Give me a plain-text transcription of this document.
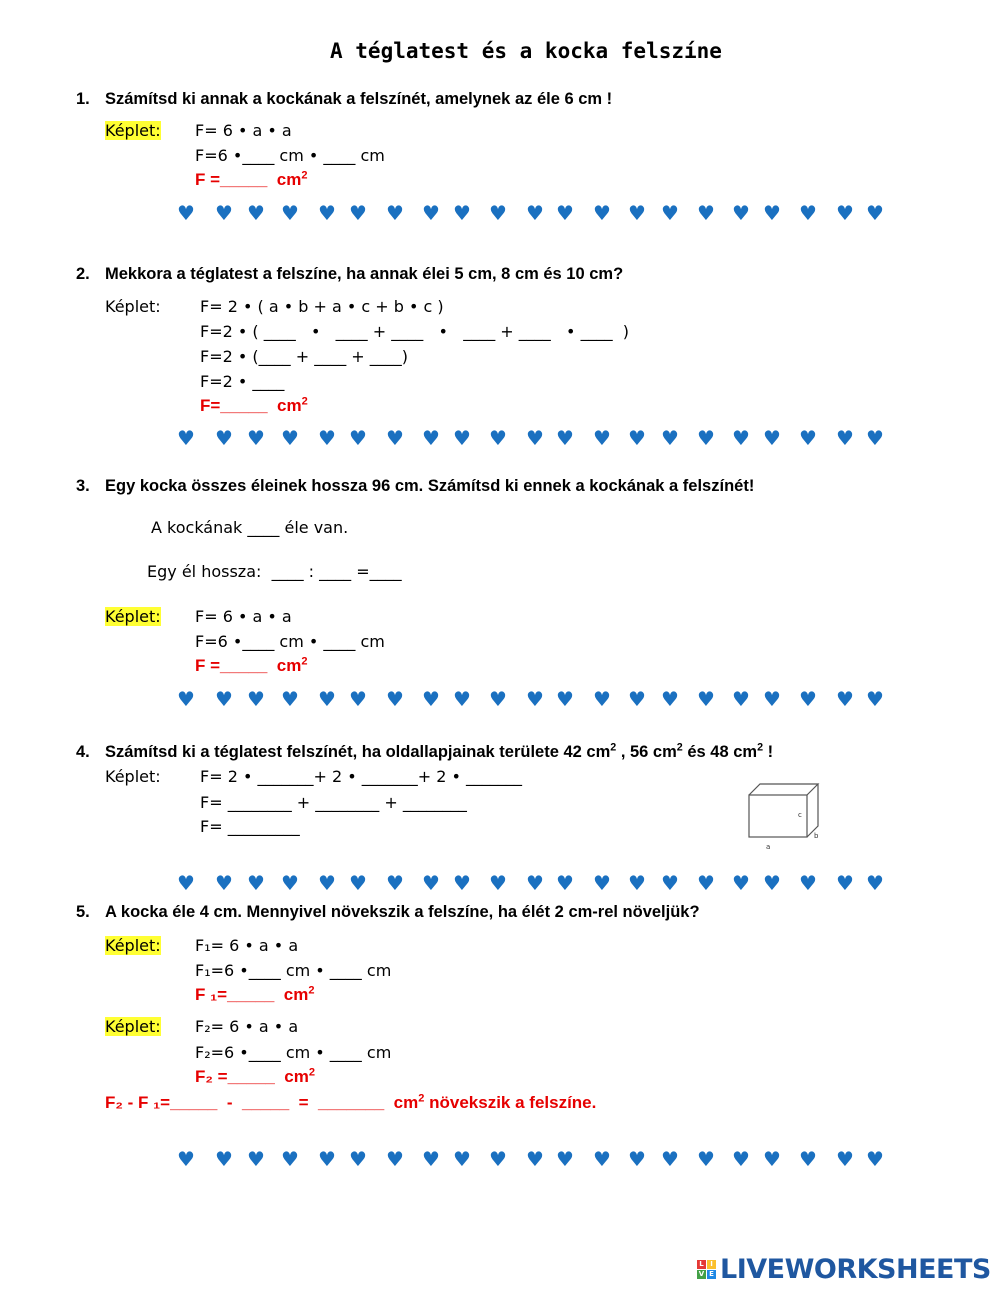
A téglatest és a kocka felszíne
1. Számítsd ki annak a kockának a felszínét, amelynek az éle 6 cm !
Képlet: F= 6 • a • a
F=6 •____ cm • ____ cm
F =_____  $cm^2$
♥ ♥ ♥ ♥ ♥ ♥ ♥ ♥ ♥ ♥ ♥ ♥ ♥ ♥ ♥ ♥ ♥ ♥ ♥ ♥ ♥
2. Mekkora a téglatest a felszíne, ha annak élei 5 cm, 8 cm és 10 cm?
Képlet: F= 2 • ( a • b + a • c + b • c )
F=2 • ( ____   •   ____ + ____   •   ____ + ____   • ____  )
F=2 • (____ + ____ + ____)
F=2 • ____
F=_____  $cm^2$
♥ ♥ ♥ ♥ ♥ ♥ ♥ ♥ ♥ ♥ ♥ ♥ ♥ ♥ ♥ ♥ ♥ ♥ ♥ ♥ ♥
3. Egy kocka összes éleinek hossza 96 cm. Számítsd ki ennek a kockának a felszínét!
A kockának ____ éle van.
Egy él hossza:  ____ : ____ =____
Képlet: F= 6 • a • a
F=6 •____ cm • ____ cm
F =_____  $cm^2$
♥ ♥ ♥ ♥ ♥ ♥ ♥ ♥ ♥ ♥ ♥ ♥ ♥ ♥ ♥ ♥ ♥ ♥ ♥ ♥ ♥
4. Számítsd ki a téglatest felszínét, ha oldallapjainak területe 42 $cm^2$ , 56 $cm^2$ és 48 $cm^2$ !
Képlet: F= 2 • _______+ 2 • _______+ 2 • _______
F= ________ + ________ + ________
F= _________
c
b
a
♥ ♥ ♥ ♥ ♥ ♥ ♥ ♥ ♥ ♥ ♥ ♥ ♥ ♥ ♥ ♥ ♥ ♥ ♥ ♥ ♥
5. A kocka éle 4 cm. Mennyivel növekszik a felszíne, ha élét 2 cm-rel növeljük?
Képlet: F₁= 6 • a • a
F₁=6 •____ cm • ____ cm
F ₁=_____  $cm^2$
Képlet: F₂= 6 • a • a
F₂=6 •____ cm • ____ cm
F₂ =_____  $cm^2$
F₂ - F ₁=_____  -  _____  =  _______  $cm^2$ növekszik a felszíne.
♥ ♥ ♥ ♥ ♥ ♥ ♥ ♥ ♥ ♥ ♥ ♥ ♥ ♥ ♥ ♥ ♥ ♥ ♥ ♥ ♥
L I
V E LIVEWORKSHEETS
